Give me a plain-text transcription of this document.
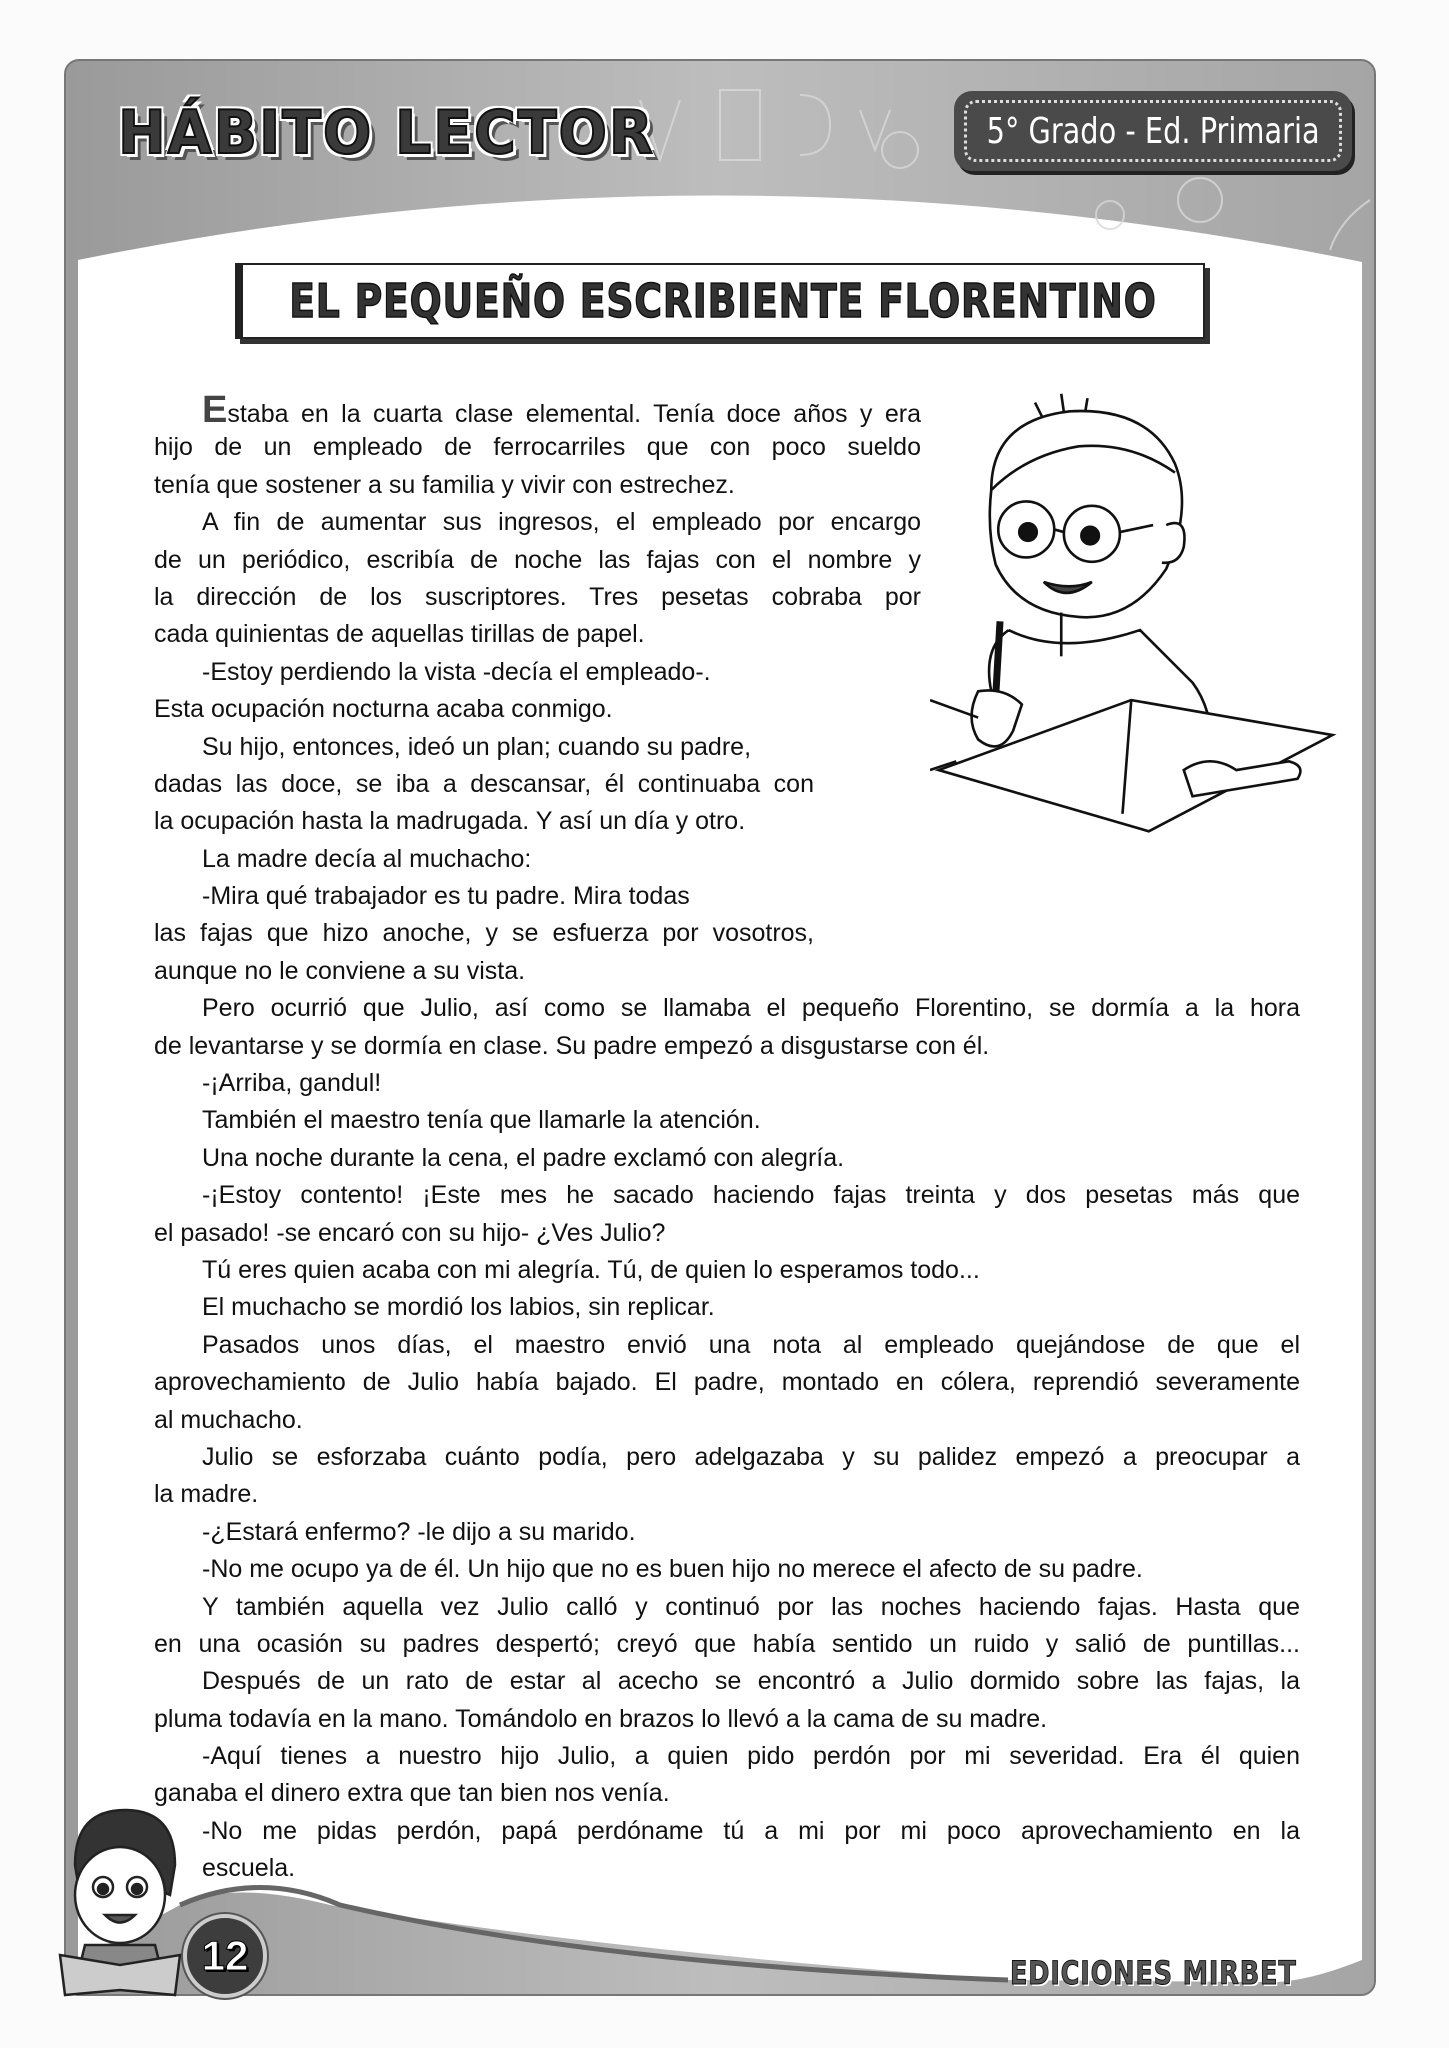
HÁBITO LECTOR	5° Grado - Ed. Primaria
EL PEQUEÑO ESCRIBIENTE FLORENTINO
Estaba en la cuarta clase elemental. Tenía doce años y era
hijo de un empleado de ferrocarriles que con poco sueldo
tenía que sostener a su familia y vivir con estrechez.
A fin de aumentar sus ingresos, el empleado por encargo
de un periódico, escribía de noche las fajas con el nombre y
la dirección de los suscriptores. Tres pesetas cobraba por
cada quinientas de aquellas tirillas de papel.
-Estoy perdiendo la vista -decía el empleado-.
Esta ocupación nocturna acaba conmigo.
Su hijo, entonces, ideó un plan; cuando su padre,
dadas las doce, se iba a descansar, él continuaba con
la ocupación hasta la madrugada. Y así un día y otro.
La madre decía al muchacho:
-Mira qué trabajador es tu padre. Mira todas
las fajas que hizo anoche, y se esfuerza por vosotros,
aunque no le conviene a su vista.
Pero ocurrió que Julio, así como se llamaba el pequeño Florentino, se dormía a la hora
de levantarse y se dormía en clase. Su padre empezó a disgustarse con él.
-¡Arriba, gandul!
También el maestro tenía que llamarle la atención.
Una noche durante la cena, el padre exclamó con alegría.
-¡Estoy contento! ¡Este mes he sacado haciendo fajas treinta y dos pesetas más que
el pasado! -se encaró con su hijo- ¿Ves Julio?
Tú eres quien acaba con mi alegría. Tú, de quien lo esperamos todo...
El muchacho se mordió los labios, sin replicar.
Pasados unos días, el maestro envió una nota al empleado quejándose de que el
aprovechamiento de Julio había bajado. El padre, montado en cólera, reprendió severamente
al muchacho.
Julio se esforzaba cuánto podía, pero adelgazaba y su palidez empezó a preocupar a
la madre.
-¿Estará enfermo? -le dijo a su marido.
-No me ocupo ya de él. Un hijo que no es buen hijo no merece el afecto de su padre.
Y también aquella vez Julio calló y continuó por las noches haciendo fajas. Hasta que
en una ocasión su padres despertó; creyó que había sentido un ruido y salió de puntillas...
Después de un rato de estar al acecho se encontró a Julio dormido sobre las fajas, la
pluma todavía en la mano. Tomándolo en brazos lo llevó a la cama de su madre.
-Aquí tienes a nuestro hijo Julio, a quien pido perdón por mi severidad. Era él quien
ganaba el dinero extra que tan bien nos venía.
-No me pidas perdón, papá perdóname tú a mi por mi poco aprovechamiento en la
escuela.
12	EDICIONES MIRBET
